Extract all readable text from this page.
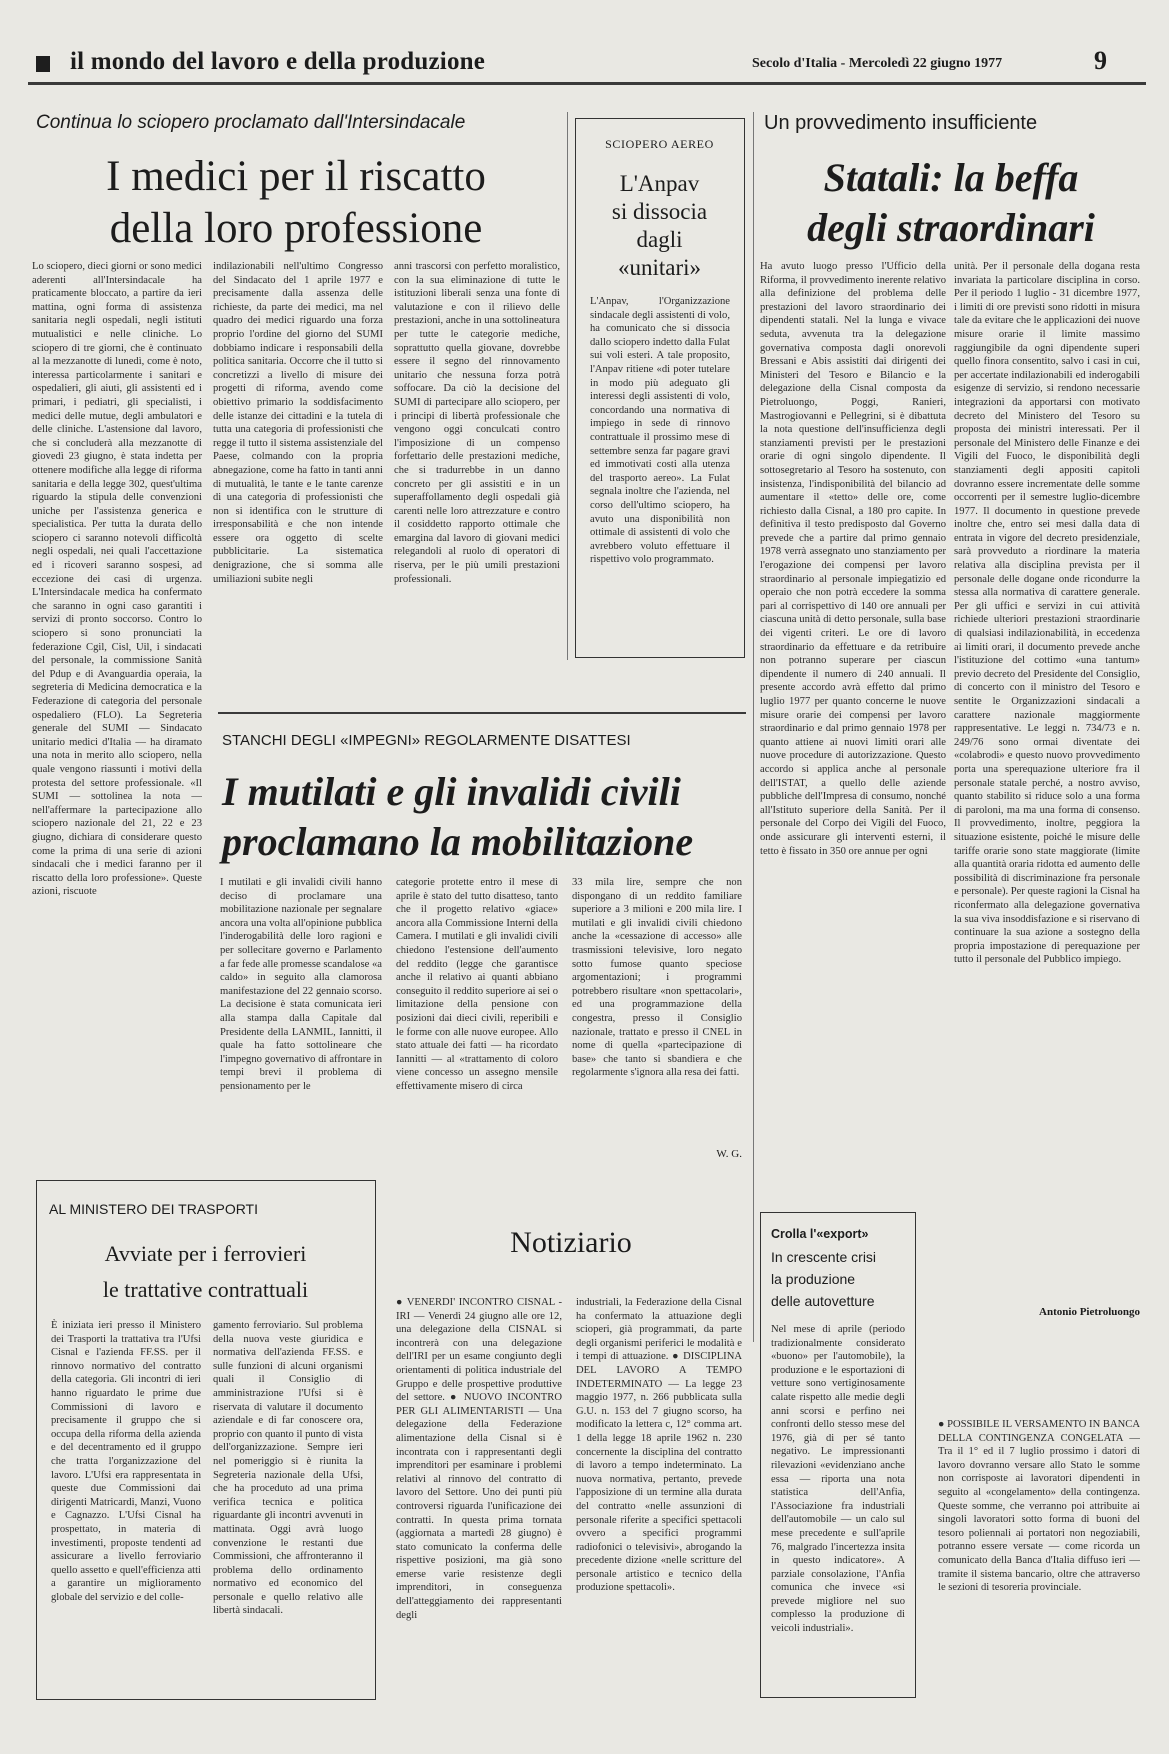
il mondo del lavoro e della produzione	Secolo d'Italia - Mercoledì 22 giugno 1977	9
Continua lo sciopero proclamato dall'Intersindacale
I medici per il riscatto
della loro professione
Lo sciopero, dieci giorni or sono medici aderenti all'Intersindacale ha praticamente bloccato, a partire da ieri mattina, ogni forma di assistenza sanitaria negli ospedali, negli istituti mutualistici e nelle cliniche. Lo sciopero di tre giorni, che è continuato al la mezzanotte di lunedì, come è noto, interessa particolarmente i sanitari e ospedalieri, gli aiuti, gli assistenti ed i primari, i pediatri, gli specialisti, i medici delle mutue, degli ambulatori e delle cliniche. L'astensione dal lavoro, che si concluderà alla mezzanotte di giovedì 23 giugno, è stata indetta per ottenere modifiche alla legge di riforma sanitaria e della legge 302, quest'ultima riguardo la stipula delle convenzioni uniche per l'assistenza generica e specialistica. Per tutta la durata dello sciopero ci saranno notevoli difficoltà negli ospedali, nei quali l'accettazione ed i ricoveri saranno sospesi, ad eccezione dei casi di urgenza. L'Intersindacale medica ha confermato che saranno in ogni caso garantiti i servizi di pronto soccorso. Contro lo sciopero si sono pronunciati la federazione Cgil, Cisl, Uil, i sindacati del personale, la commissione Sanità del Pdup e di Avanguardia operaia, la segreteria di Medicina democratica e la Federazione di categoria del personale ospedaliero (FLO). La Segreteria generale del SUMI — Sindacato unitario medici d'Italia — ha diramato una nota in merito allo sciopero, nella quale vengono riassunti i motivi della protesta del settore professionale. «Il SUMI — sottolinea la nota — nell'affermare la partecipazione allo sciopero nazionale del 21, 22 e 23 giugno, dichiara di considerare questo come la prima di una serie di azioni sindacali che i medici faranno per il riscatto della loro professione». Queste azioni, riscuote
indilazionabili nell'ultimo Congresso del Sindacato del 1 aprile 1977 e precisamente dalla assenza delle richieste, da parte dei medici, ma nel quadro dei medici riguardo una forza proprio l'ordine del giorno del SUMI dobbiamo indicare i responsabili della politica sanitaria. Occorre che il tutto si concretizzi a livello di misure dei progetti di riforma, avendo come obiettivo primario la soddisfacimento delle istanze dei cittadini e la tutela di tutta una categoria di professionisti che regge il tutto il sistema assistenziale del Paese, colmando con la propria abnegazione, come ha fatto in tanti anni di mutualità, le tante e le tante carenze di una categoria di professionisti che non si identifica con le strutture di irresponsabilità e che non intende essere ora oggetto di scelte pubblicitarie. La sistematica denigrazione, che si somma alle umiliazioni subite negli
anni trascorsi con perfetto moralistico, con la sua eliminazione di tutte le istituzioni liberali senza una fonte di valutazione e con il rilievo delle prestazioni, anche in una sottolineatura per tutte le categorie mediche, soprattutto quella giovane, dovrebbe essere il segno del rinnovamento unitario che nessuna forza potrà soffocare. Da ciò la decisione del SUMI di partecipare allo sciopero, per i principi di libertà professionale che vengono oggi conculcati contro l'imposizione di un compenso forfettario delle prestazioni mediche, che si tradurrebbe in un danno concreto per gli assistiti e in un superaffollamento degli ospedali già carenti nelle loro attrezzature e contro il cosiddetto rapporto ottimale che emargina dal lavoro di giovani medici relegandoli al ruolo di operatori di riserva, per le più umili prestazioni professionali.
SCIOPERO AEREO
L'Anpav
si dissocia
dagli
«unitari»
L'Anpav, l'Organizzazione sindacale degli assistenti di volo, ha comunicato che si dissocia dallo sciopero indetto dalla Fulat sui voli esteri. A tale proposito, l'Anpav ritiene «di poter tutelare in modo più adeguato gli interessi degli assistenti di volo, concordando una normativa di impiego in sede di rinnovo contrattuale il prossimo mese di settembre senza far pagare gravi ed immotivati costi alla utenza del trasporto aereo». La Fulat segnala inoltre che l'azienda, nel corso dell'ultimo sciopero, ha avuto una disponibilità non ottimale di assistenti di volo che avrebbero voluto effettuare il rispettivo volo programmato.
Un provvedimento insufficiente
Statali: la beffa
degli straordinari
Ha avuto luogo presso l'Ufficio della Riforma, il provvedimento inerente relativo alla definizione del problema delle prestazioni del lavoro straordinario dei dipendenti statali. Nel la lunga e vivace seduta, avvenuta tra la delegazione governativa composta dagli onorevoli Bressani e Abis assistiti dai dirigenti dei Ministeri del Tesoro e Bilancio e la delegazione della Cisnal composta da Pietroluongo, Poggi, Ranieri, Mastrogiovanni e Pellegrini, si è dibattuta la nota questione dell'insufficienza degli stanziamenti previsti per le prestazioni orarie di ogni singolo dipendente. Il sottosegretario al Tesoro ha sostenuto, con insistenza, l'indisponibilità del bilancio ad aumentare il «tetto» delle ore, come richiesto dalla Cisnal, a 180 pro capite. In definitiva il testo predisposto dal Governo prevede che a partire dal primo gennaio 1978 verrà assegnato uno stanziamento per l'erogazione dei compensi per lavoro straordinario al personale impiegatizio ed operaio che non potrà eccedere la somma pari al corrispettivo di 140 ore annuali per ciascuna unità di detto personale, sulla base dei vigenti criteri. Le ore di lavoro straordinario da effettuare e da retribuire non potranno superare per ciascun dipendente il numero di 240 annuali. Il presente accordo avrà effetto dal primo luglio 1977 per quanto concerne le nuove misure orarie dei compensi per lavoro straordinario e dal primo gennaio 1978 per quanto attiene ai nuovi limiti orari alle nuove procedure di autorizzazione. Questo accordo si applica anche al personale dell'ISTAT, a quello delle aziende pubbliche dell'Impresa di consumo, nonché all'Istituto superiore della Sanità. Per il personale del Corpo dei Vigili del Fuoco, onde assicurare gli interventi esterni, il tetto è fissato in 350 ore annue per ogni
unità. Per il personale della dogana resta invariata la particolare disciplina in corso. Per il periodo 1 luglio - 31 dicembre 1977, i limiti di ore previsti sono ridotti in misura tale da evitare che le applicazioni dei nuove misure orarie il limite massimo raggiungibile da ogni dipendente superi quello finora consentito, salvo i casi in cui, per accertate indilazionabili ed inderogabili esigenze di servizio, si rendono necessarie integrazioni da apportarsi con motivato decreto del Ministero del Tesoro su proposta dei ministri interessati. Per il personale del Ministero delle Finanze e dei Vigili del Fuoco, le disponibilità degli stanziamenti degli appositi capitoli dovranno essere incrementate delle somme occorrenti per il semestre luglio-dicembre 1977. Il documento in questione prevede inoltre che, entro sei mesi dalla data di entrata in vigore del decreto presidenziale, sarà provveduto a riordinare la materia relativa alla disciplina prevista per il personale delle dogane onde ricondurre la stessa alla normativa di carattere generale. Per gli uffici e servizi in cui attività richiede ulteriori prestazioni straordinarie di qualsiasi indilazionabilità, in eccedenza ai limiti orari, il documento prevede anche l'istituzione del cottimo «una tantum» previo decreto del Presidente del Consiglio, di concerto con il ministro del Tesoro e sentite le Organizzazioni sindacali a carattere nazionale maggiormente rappresentative. Le leggi n. 734/73 e n. 249/76 sono ormai diventate dei «colabrodi» e questo nuovo provvedimento porta una sperequazione ulteriore fra il personale statale perché, a nostro avviso, quanto stabilito si riduce solo a una forma di paroloni, ma ma una forma di consenso. Il provvedimento, inoltre, peggiora la situazione esistente, poiché le misure delle tariffe orarie sono state maggiorate (limite alla quantità oraria ridotta ed aumento delle possibilità di discriminazione fra personale e personale). Per queste ragioni la Cisnal ha riconfermato alla delegazione governativa la sua viva insoddisfazione e si riservano di continuare la sua azione a sostegno della propria impostazione di perequazione per tutto il personale del Pubblico impiego.
Antonio Pietroluongo
STANCHI DEGLI «IMPEGNI» REGOLARMENTE DISATTESI
I mutilati e gli invalidi civili
proclamano la mobilitazione
I mutilati e gli invalidi civili hanno deciso di proclamare una mobilitazione nazionale per segnalare ancora una volta all'opinione pubblica l'inderogabilità delle loro ragioni e per sollecitare governo e Parlamento a far fede alle promesse scandalose «a caldo» in seguito alla clamorosa manifestazione del 22 gennaio scorso. La decisione è stata comunicata ieri alla stampa dalla Capitale dal Presidente della LANMIL, Iannitti, il quale ha fatto sottolineare che l'impegno governativo di affrontare in tempi brevi il problema di pensionamento per le
categorie protette entro il mese di aprile è stato del tutto disatteso, tanto che il progetto relativo «giace» ancora alla Commissione Interni della Camera. I mutilati e gli invalidi civili chiedono l'estensione dell'aumento del reddito (legge che garantisce anche il relativo ai quanti abbiano conseguito il reddito superiore ai sei o limitazione della pensione con posizioni dai dieci civili, reperibili e le forme con alle nuove europee. Allo stato attuale dei fatti — ha ricordato Iannitti — al «trattamento di coloro viene concesso un assegno mensile effettivamente misero di circa
33 mila lire, sempre che non dispongano di un reddito familiare superiore a 3 milioni e 200 mila lire. I mutilati e gli invalidi civili chiedono anche la «cessazione di accesso» alle trasmissioni televisive, loro negato sotto fumose quanto speciose argomentazioni; i programmi potrebbero risultare «non spettacolari», ed una programmazione della congestra, presso il Consiglio nazionale, trattato e presso il CNEL in nome di quella «partecipazione di base» che tanto si sbandiera e che regolarmente s'ignora alla resa dei fatti.
W. G.
AL MINISTERO DEI TRASPORTI
Avviate per i ferrovieri
le trattative contrattuali
È iniziata ieri presso il Ministero dei Trasporti la trattativa tra l'Ufsi Cisnal e l'azienda FF.SS. per il rinnovo normativo del contratto della categoria. Gli incontri di ieri hanno riguardato le prime due Commissioni di lavoro e precisamente il gruppo che si occupa della riforma della azienda e del decentramento ed il gruppo che tratta l'organizzazione del lavoro. L'Ufsi era rappresentata in queste due Commissioni dai dirigenti Matricardi, Manzi, Vuono e Cagnazzo. L'Ufsi Cisnal ha prospettato, in materia di investimenti, proposte tendenti ad assicurare a livello ferroviario quello assetto e quell'efficienza atti a garantire un miglioramento globale del servizio e del colle-
gamento ferroviario. Sul problema della nuova veste giuridica e normativa dell'azienda FF.SS. e sulle funzioni di alcuni organismi quali il Consiglio di amministrazione l'Ufsi si è riservata di valutare il documento aziendale e di far conoscere ora, proprio con quanto il punto di vista dell'organizzazione. Sempre ieri nel pomeriggio si è riunita la Segreteria nazionale della Ufsi, che ha proceduto ad una prima verifica tecnica e politica riguardante gli incontri avvenuti in mattinata. Oggi avrà luogo convenzione le restanti due Commissioni, che affronteranno il problema dello ordinamento normativo ed economico del personale e quello relativo alle libertà sindacali.
Notiziario
● VENERDI' INCONTRO CISNAL - IRI — Venerdì 24 giugno alle ore 12, una delegazione della CISNAL si incontrerà con una delegazione dell'IRI per un esame congiunto degli orientamenti di politica industriale del Gruppo e delle prospettive produttive del settore. ● NUOVO INCONTRO PER GLI ALIMENTARISTI — Una delegazione della Federazione alimentazione della Cisnal si è incontrata con i rappresentanti degli imprenditori per esaminare i problemi relativi al rinnovo del contratto di lavoro del Settore. Uno dei punti più controversi riguarda l'unificazione dei contratti. In questa prima tornata (aggiornata a martedì 28 giugno) è stato comunicato la conferma delle rispettive posizioni, ma già sono emerse varie resistenze degli imprenditori, in conseguenza dell'atteggiamento dei rappresentanti degli
industriali, la Federazione della Cisnal ha confermato la attuazione degli scioperi, già programmati, da parte degli organismi periferici le modalità e i tempi di attuazione. ● DISCIPLINA DEL LAVORO A TEMPO INDETERMINATO — La legge 23 maggio 1977, n. 266 pubblicata sulla G.U. n. 153 del 7 giugno scorso, ha modificato la lettera c, 12° comma art. 1 della legge 18 aprile 1962 n. 230 concernente la disciplina del contratto di lavoro a tempo indeterminato. La nuova normativa, pertanto, prevede l'apposizione di un termine alla durata del contratto «nelle assunzioni di personale riferite a specifici spettacoli ovvero a specifici programmi radiofonici o televisivi», abrogando la precedente dizione «nelle scritture del personale artistico e tecnico della produzione spettacoli».
Crolla l'«export»
In crescente crisi
la produzione
delle autovetture
Nel mese di aprile (periodo tradizionalmente considerato «buono» per l'automobile), la produzione e le esportazioni di vetture sono vertiginosamente calate rispetto alle medie degli anni scorsi e perfino nei confronti dello stesso mese del 1976, già di per sé tanto negativo. Le impressionanti rilevazioni «evidenziano anche essa — riporta una nota statistica dell'Anfia, l'Associazione fra industriali dell'automobile — un calo sul mese precedente e sull'aprile 76, malgrado l'incertezza insita in questo indicatore». A parziale consolazione, l'Anfia comunica che invece «si prevede migliore nel suo complesso la produzione di veicoli industriali».
● POSSIBILE IL VERSAMENTO IN BANCA DELLA CONTINGENZA CONGELATA — Tra il 1° ed il 7 luglio prossimo i datori di lavoro dovranno versare allo Stato le somme non corrisposte ai lavoratori dipendenti in seguito al «congelamento» della contingenza. Queste somme, che verranno poi attribuite ai singoli lavoratori sotto forma di buoni del tesoro poliennali ai portatori non negoziabili, potranno essere versate — come ricorda un comunicato della Banca d'Italia diffuso ieri — tramite il sistema bancario, oltre che attraverso le sezioni di tesoreria provinciale.
